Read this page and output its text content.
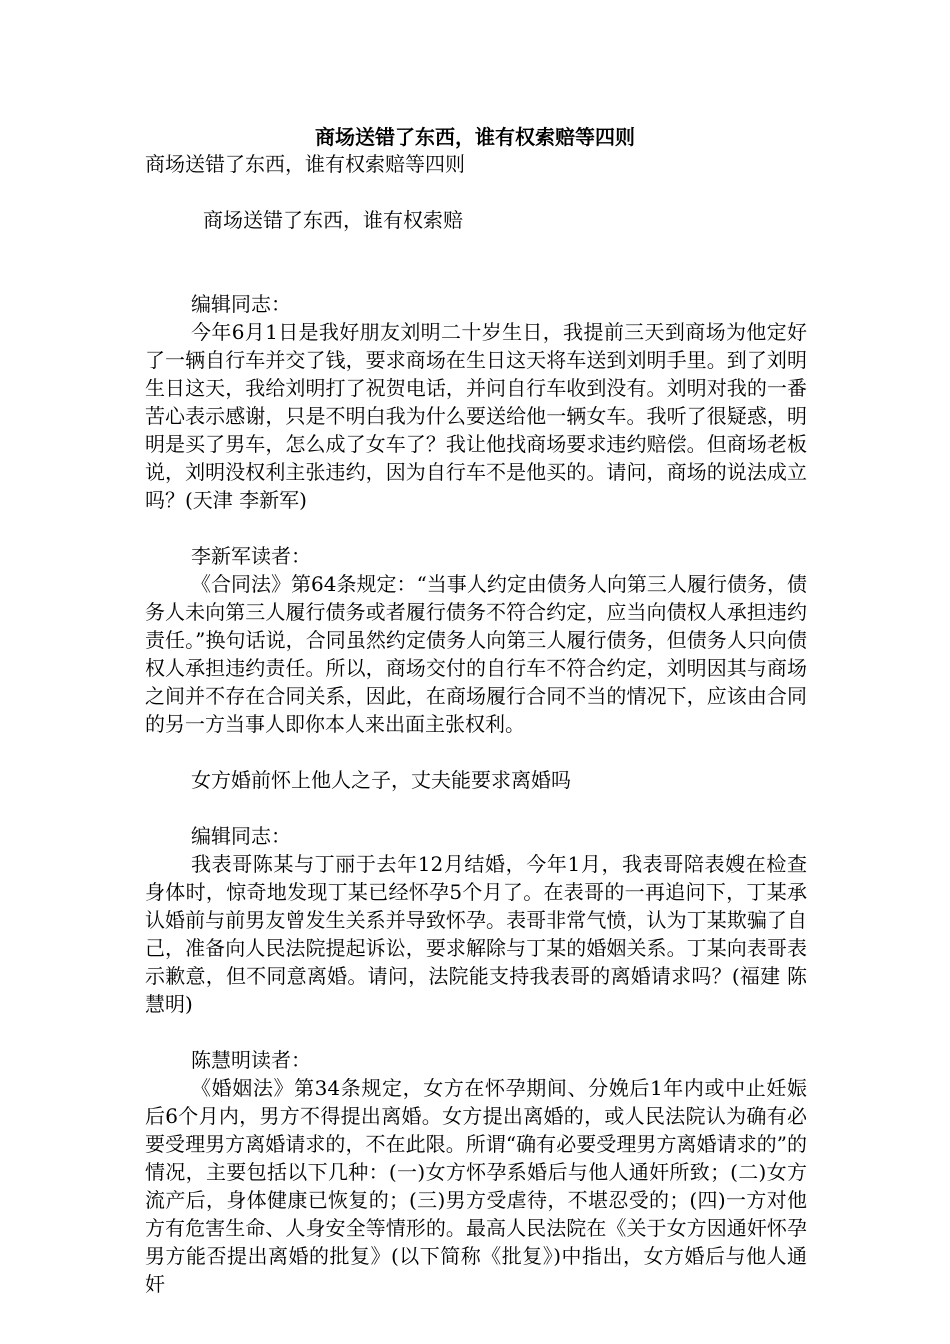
商场送错了东西，谁有权索赔等四则

商场送错了东西，谁有权索赔等四则

商场送错了东西，谁有权索赔

编辑同志：

今年6月1日是我好朋友刘明二十岁生日，我提前三天到商场为他定好了一辆自行车并交了钱，要求商场在生日这天将车送到刘明手里。到了刘明生日这天，我给刘明打了祝贺电话，并问自行车收到没有。刘明对我的一番苦心表示感谢，只是不明白我为什么要送给他一辆女车。我听了很疑惑，明明是买了男车，怎么成了女车了？我让他找商场要求违约赔偿。但商场老板说，刘明没权利主张违约，因为自行车不是他买的。请问，商场的说法成立吗？(天津 李新军)

李新军读者：

《合同法》第64条规定：“当事人约定由债务人向第三人履行债务，债务人未向第三人履行债务或者履行债务不符合约定，应当向债权人承担违约责任。”换句话说，合同虽然约定债务人向第三人履行债务，但债务人只向债权人承担违约责任。所以，商场交付的自行车不符合约定，刘明因其与商场之间并不存在合同关系，因此，在商场履行合同不当的情况下，应该由合同的另一方当事人即你本人来出面主张权利。

女方婚前怀上他人之子，丈夫能要求离婚吗

编辑同志：

我表哥陈某与丁丽于去年12月结婚，今年1月，我表哥陪表嫂在检查身体时，惊奇地发现丁某已经怀孕5个月了。在表哥的一再追问下，丁某承认婚前与前男友曾发生关系并导致怀孕。表哥非常气愤，认为丁某欺骗了自己，准备向人民法院提起诉讼，要求解除与丁某的婚姻关系。丁某向表哥表示歉意，但不同意离婚。请问，法院能支持我表哥的离婚请求吗？(福建 陈慧明)

陈慧明读者：

《婚姻法》第34条规定，女方在怀孕期间、分娩后1年内或中止妊娠后6个月内，男方不得提出离婚。女方提出离婚的，或人民法院认为确有必要受理男方离婚请求的，不在此限。所谓“确有必要受理男方离婚请求的”的情况，主要包括以下几种：(一)女方怀孕系婚后与他人通奸所致；(二)女方流产后，身体健康已恢复的；(三)男方受虐待，不堪忍受的；(四)一方对他方有危害生命、人身安全等情形的。最高人民法院在《关于女方因通奸怀孕男方能否提出离婚的批复》(以下简称《批复》)中指出，女方婚后与他人通奸
